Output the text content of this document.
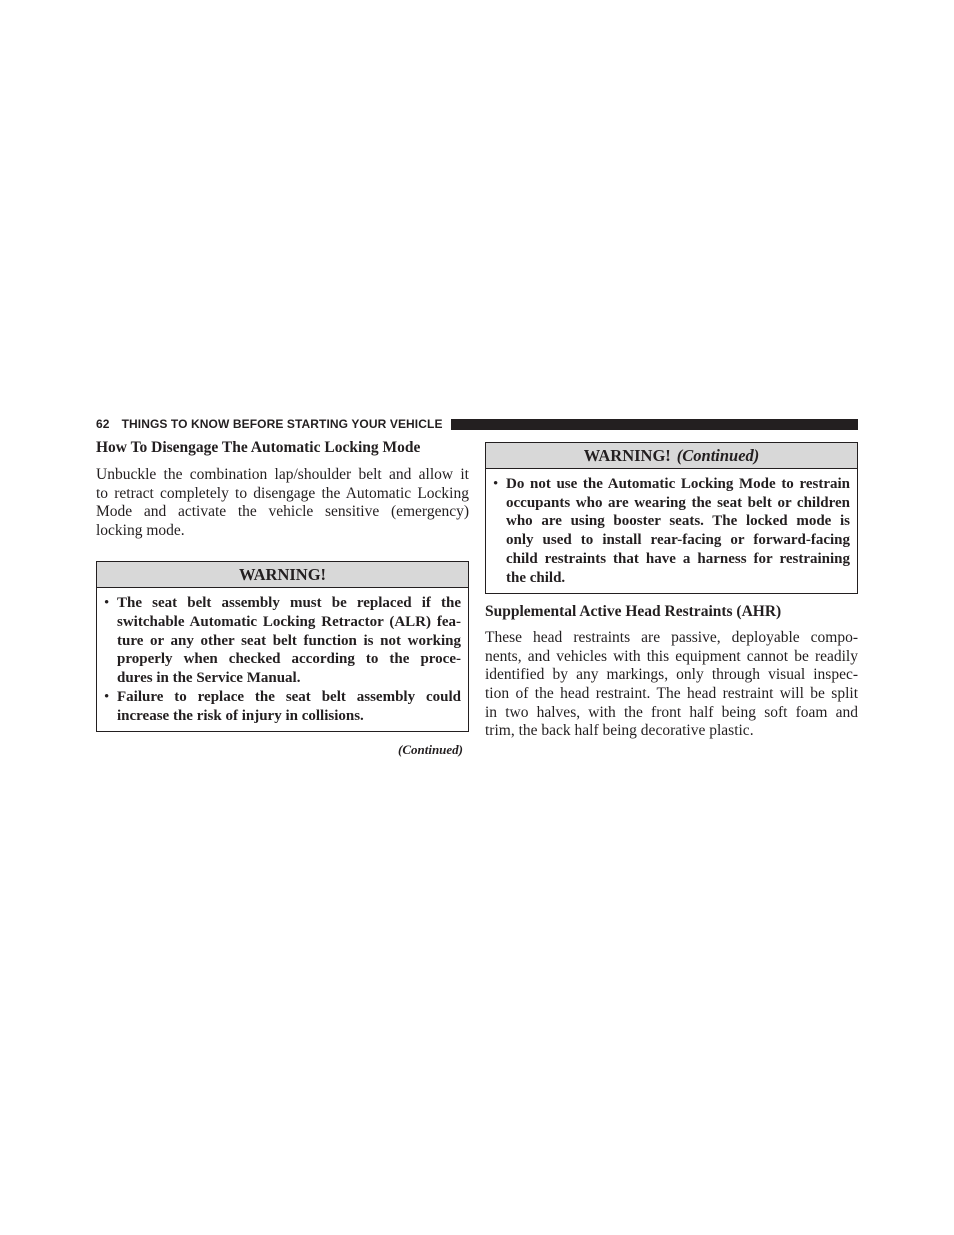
62 THINGS TO KNOW BEFORE STARTING YOUR VEHICLE
How To Disengage The Automatic Locking Mode
Unbuckle the combination lap/shoulder belt and allow it
to retract completely to disengage the Automatic Locking
Mode and activate the vehicle sensitive (emergency)
locking mode.
WARNING!
• The seat belt assembly must be replaced if the
switchable Automatic Locking Retractor (ALR) fea-
ture or any other seat belt function is not working
properly when checked according to the proce-
dures in the Service Manual.
• Failure to replace the seat belt assembly could
increase the risk of injury in collisions.
(Continued)
WARNING! (Continued)
• Do not use the Automatic Locking Mode to restrain
occupants who are wearing the seat belt or children
who are using booster seats. The locked mode is
only used to install rear-facing or forward-facing
child restraints that have a harness for restraining
the child.
Supplemental Active Head Restraints (AHR)
These head restraints are passive, deployable compo-
nents, and vehicles with this equipment cannot be readily
identified by any markings, only through visual inspec-
tion of the head restraint. The head restraint will be split
in two halves, with the front half being soft foam and
trim, the back half being decorative plastic.
